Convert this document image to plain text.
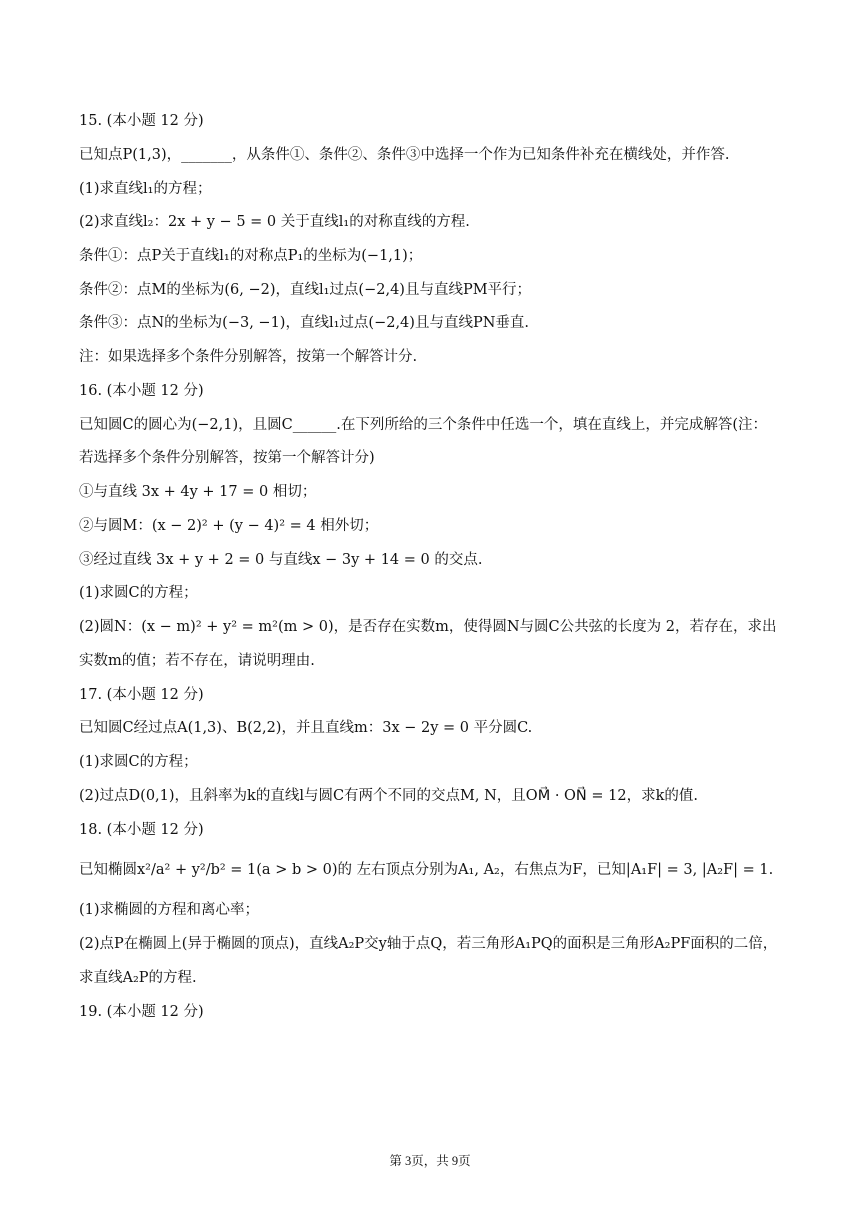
15. (本小题 12 分)
已知点P(1,3)，_______，从条件①、条件②、条件③中选择一个作为已知条件补充在横线处，并作答.
(1)求直线l₁的方程；
(2)求直线l₂：2x + y − 5 = 0 关于直线l₁的对称直线的方程.
条件①：点P关于直线l₁的对称点P₁的坐标为(−1,1)；
条件②：点M的坐标为(6, −2)，直线l₁过点(−2,4)且与直线PM平行；
条件③：点N的坐标为(−3, −1)，直线l₁过点(−2,4)且与直线PN垂直.
注：如果选择多个条件分别解答，按第一个解答计分.
16. (本小题 12 分)
已知圆C的圆心为(−2,1)，且圆C______.在下列所给的三个条件中任选一个，填在直线上，并完成解答(注：
若选择多个条件分别解答，按第一个解答计分)
①与直线 3x + 4y + 17 = 0 相切；
②与圆M：(x − 2)² + (y − 4)² = 4 相外切；
③经过直线 3x + y + 2 = 0 与直线x − 3y + 14 = 0 的交点.
(1)求圆C的方程；
(2)圆N：(x − m)² + y² = m²(m > 0)，是否存在实数m，使得圆N与圆C公共弦的长度为 2，若存在，求出
实数m的值；若不存在，请说明理由.
17. (本小题 12 分)
已知圆C经过点A(1,3)、B(2,2)，并且直线m：3x − 2y = 0 平分圆C.
(1)求圆C的方程；
(2)过点D(0,1)，且斜率为k的直线l与圆C有两个不同的交点M, N，且OM⃗ · ON⃗ = 12，求k的值.
18. (本小题 12 分)
已知椭圆x²/a² + y²/b² = 1(a > b > 0)的 左右顶点分别为A₁, A₂，右焦点为F，已知|A₁F| = 3, |A₂F| = 1.
(1)求椭圆的方程和离心率；
(2)点P在椭圆上(异于椭圆的顶点)，直线A₂P交y轴于点Q，若三角形A₁PQ的面积是三角形A₂PF面积的二倍，
求直线A₂P的方程.
19. (本小题 12 分)
第 3页，共 9页
